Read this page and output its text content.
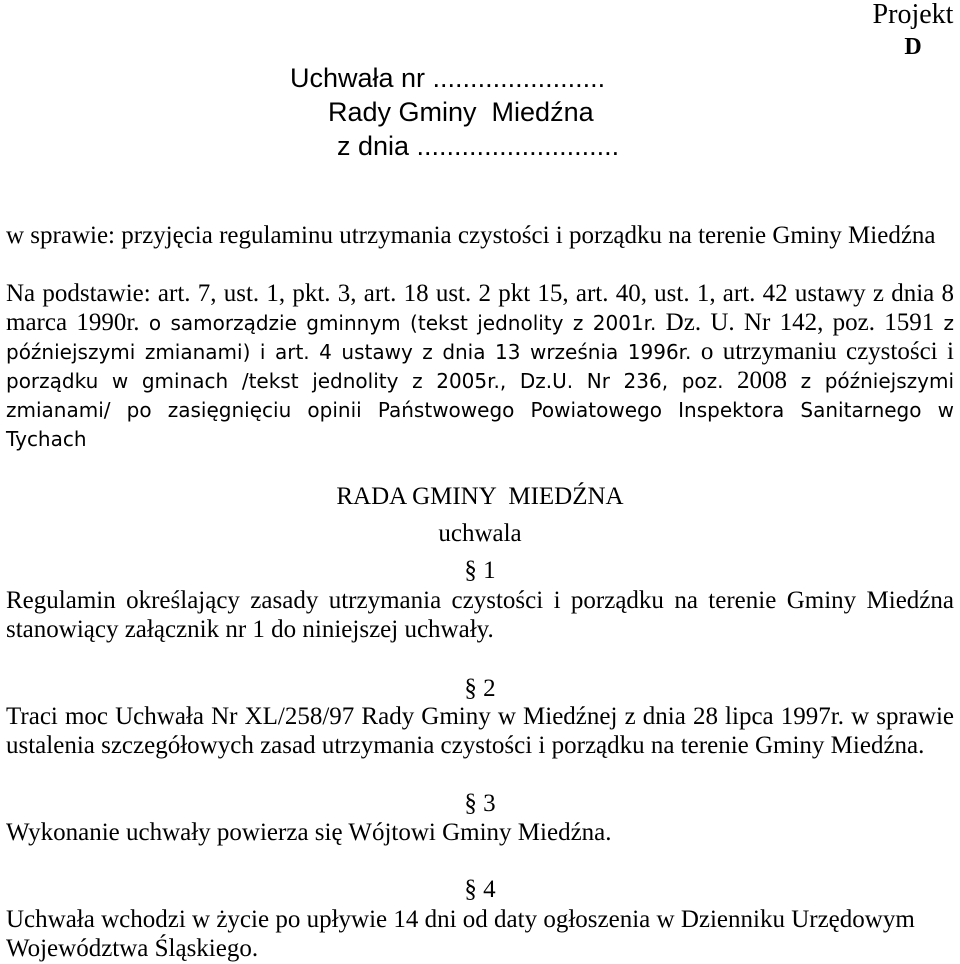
Projekt
D
Uchwała nr .......................
Rady Gminy  Miedźna
z dnia ...........................
w sprawie: przyjęcia regulaminu utrzymania czystości i porządku na terenie Gminy Miedźna
Na podstawie: art. 7, ust. 1, pkt. 3, art. 18 ust. 2 pkt 15, art. 40, ust. 1, art. 42 ustawy z dnia 8
marca 1990r. o samorządzie gminnym (tekst jednolity z 2001r. Dz. U. Nr 142, poz. 1591 z
późniejszymi zmianami) i art. 4 ustawy z dnia 13 września 1996r. o utrzymaniu czystości i
porządku w gminach /tekst jednolity z 2005r., Dz.U. Nr 236, poz. 2008 z późniejszymi
zmianami/ po zasięgnięciu opinii Państwowego Powiatowego Inspektora Sanitarnego w
Tychach
RADA GMINY  MIEDŹNA
uchwala
§ 1
Regulamin określający zasady utrzymania czystości i porządku na terenie Gminy Miedźna
stanowiący załącznik nr 1 do niniejszej uchwały.
§ 2
Traci moc Uchwała Nr XL/258/97 Rady Gminy w Miedźnej z dnia 28 lipca 1997r. w sprawie
ustalenia szczegółowych zasad utrzymania czystości i porządku na terenie Gminy Miedźna.
§ 3
Wykonanie uchwały powierza się Wójtowi Gminy Miedźna.
§ 4
Uchwała wchodzi w życie po upływie 14 dni od daty ogłoszenia w Dzienniku Urzędowym
Województwa Śląskiego.
